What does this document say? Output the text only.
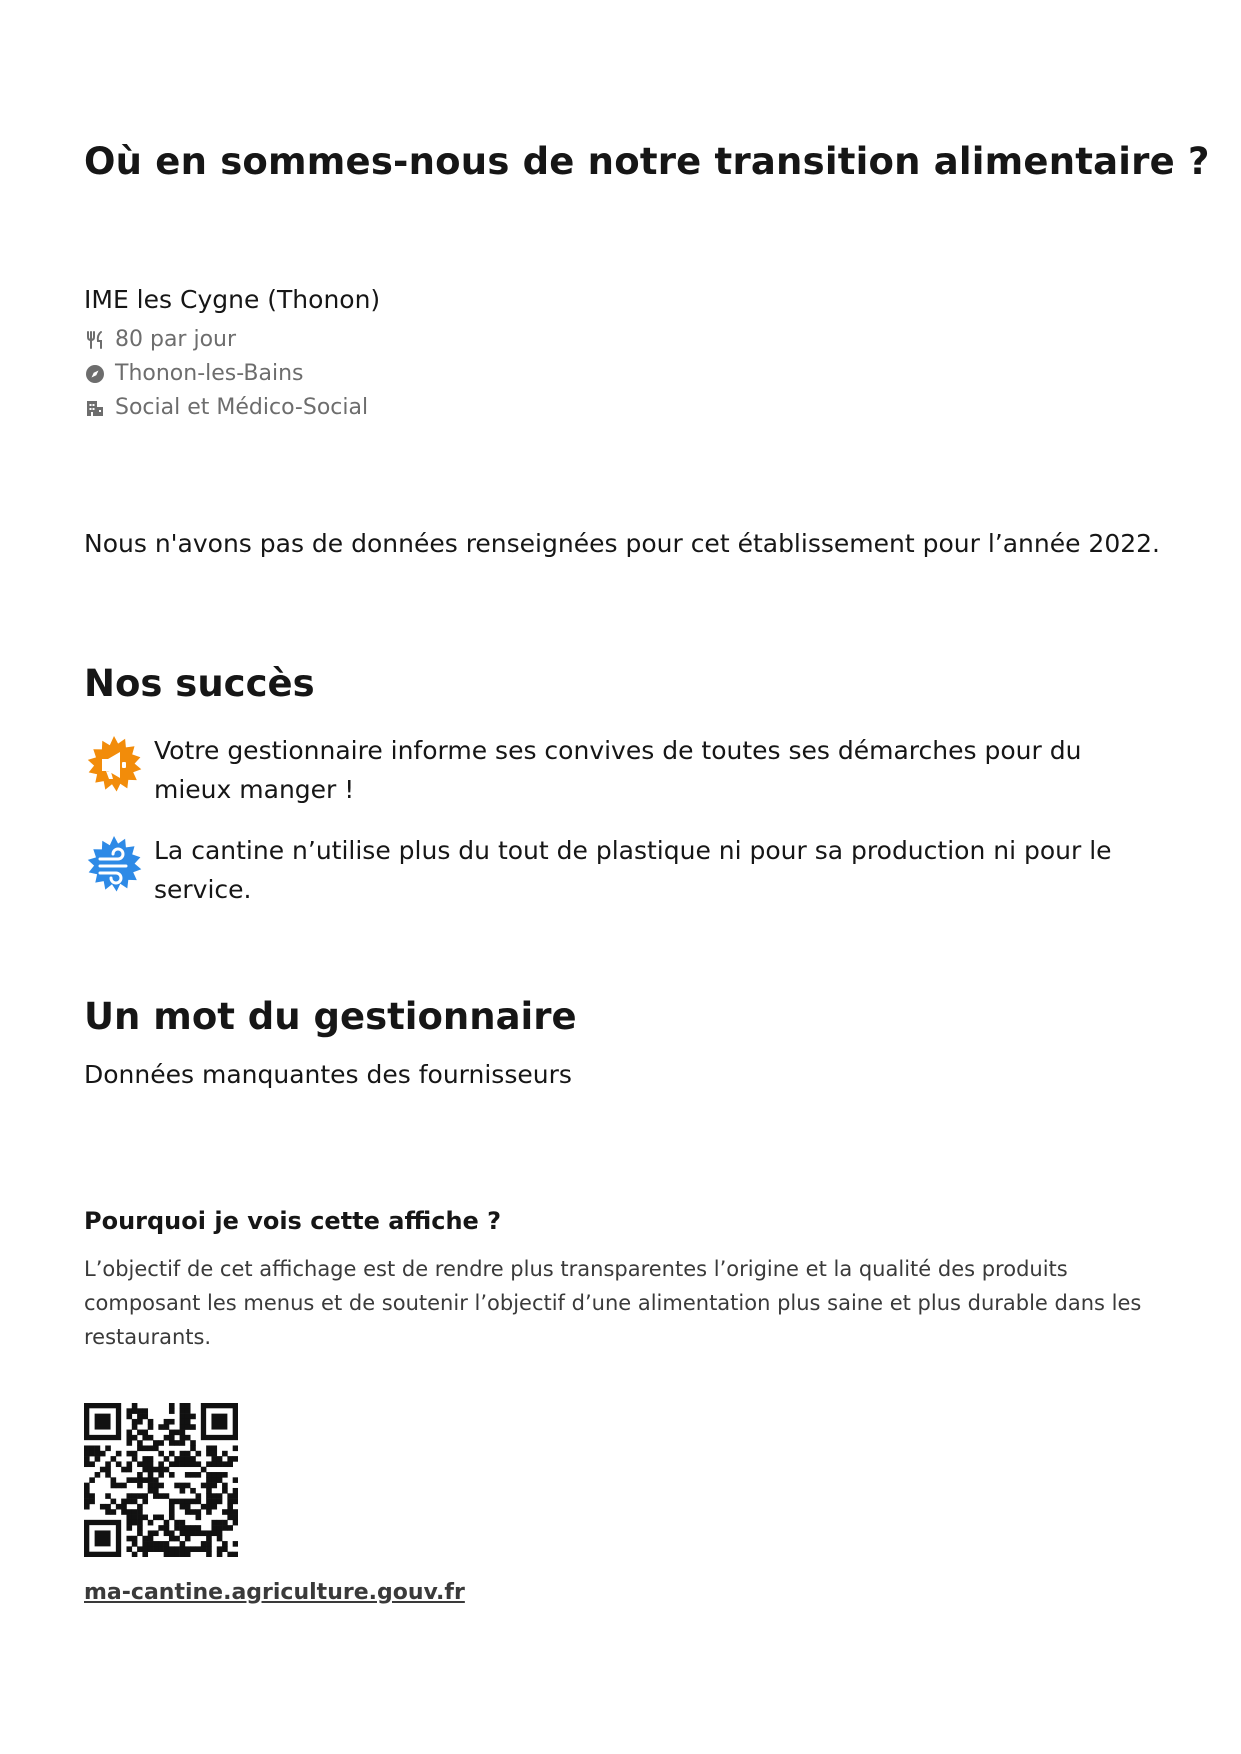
Où en sommes-nous de notre transition alimentaire ?
IME les Cygne (Thonon)
80 par jour
Thonon-les-Bains
Social et Médico-Social

Nous n'avons pas de données renseignées pour cet établissement pour l’année 2022.

Nos succès
Votre gestionnaire informe ses convives de toutes ses démarches pour du mieux manger !
La cantine n’utilise plus du tout de plastique ni pour sa production ni pour le service.
Un mot du gestionnaire
Données manquantes des fournisseurs
Pourquoi je vois cette affiche ?

L’objectif de cet affichage est de rendre plus transparentes l’origine et la qualité des produits composant les menus et de soutenir l’objectif d’une alimentation plus saine et plus durable dans les restaurants.

ma-cantine.agriculture.gouv.fr
